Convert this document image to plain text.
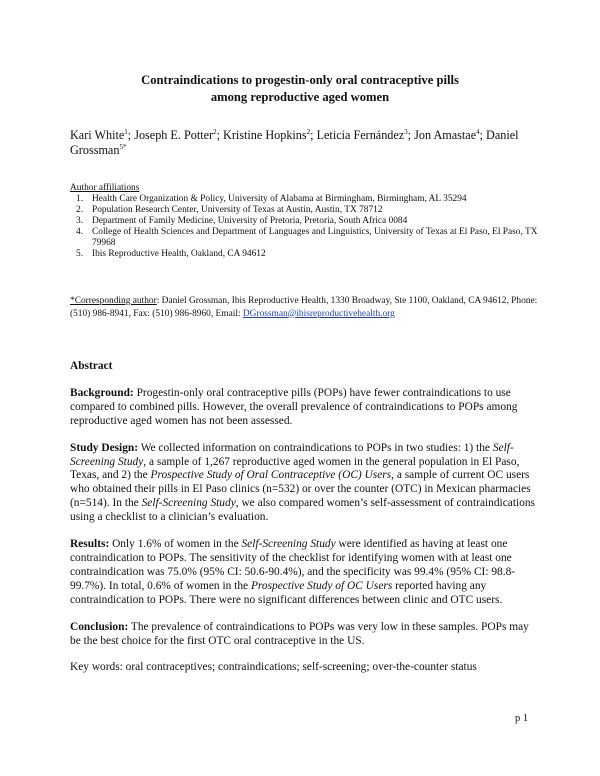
Contraindications to progestin-only oral contraceptive pills
among reproductive aged women
Kari White$^1$; Joseph E. Potter$^2$; Kristine Hopkins$^2$; Leticia Fernández$^3$; Jon Amastae$^4$; Daniel Grossman$^{5*}$
Author affiliations
1. Health Care Organization & Policy, University of Alabama at Birmingham, Birmingham, AL 35294
2. Population Research Center, University of Texas at Austin, Austin, TX 78712
3. Department of Family Medicine, University of Pretoria, Pretoria, South Africa 0084
4. College of Health Sciences and Department of Languages and Linguistics, University of Texas at El Paso, El Paso, TX 79968
5. Ibis Reproductive Health, Oakland, CA 94612
*Corresponding author: Daniel Grossman, Ibis Reproductive Health, 1330 Broadway, Ste 1100, Oakland, CA 94612, Phone: (510) 986-8941, Fax: (510) 986-8960, Email: DGrossman@ibisreproductivehealth.org

Abstract

Background: Progestin-only oral contraceptive pills (POPs) have fewer contraindications to use compared to combined pills. However, the overall prevalence of contraindications to POPs among reproductive aged women has not been assessed.

Study Design: We collected information on contraindications to POPs in two studies: 1) the Self-Screening Study, a sample of 1,267 reproductive aged women in the general population in El Paso, Texas, and 2) the Prospective Study of Oral Contraceptive (OC) Users, a sample of current OC users who obtained their pills in El Paso clinics (n=532) or over the counter (OTC) in Mexican pharmacies (n=514). In the Self-Screening Study, we also compared women’s self-assessment of contraindications using a checklist to a clinician’s evaluation.

Results: Only 1.6% of women in the Self-Screening Study were identified as having at least one contraindication to POPs. The sensitivity of the checklist for identifying women with at least one contraindication was 75.0% (95% CI: 50.6-90.4%), and the specificity was 99.4% (95% CI: 98.8-99.7%). In total, 0.6% of women in the Prospective Study of OC Users reported having any contraindication to POPs. There were no significant differences between clinic and OTC users.

Conclusion: The prevalence of contraindications to POPs was very low in these samples. POPs may be the best choice for the first OTC oral contraceptive in the US.

Key words: oral contraceptives; contraindications; self-screening; over-the-counter status

p 1
